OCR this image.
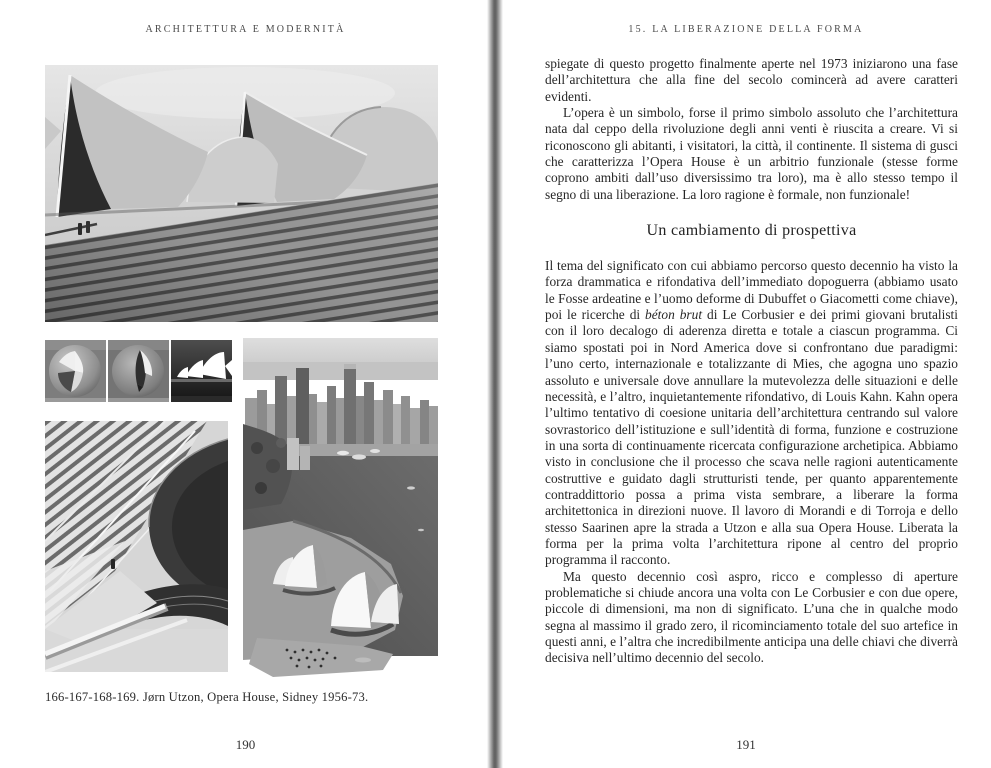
ARCHITETTURA E MODERNITÀ
166-167-168-169. Jørn Utzon, Opera House, Sidney 1956-73.
190
15. LA LIBERAZIONE DELLA FORMA

spiegate di questo progetto finalmente aperte nel 1973 iniziarono una fase dell’architettura che alla fine del secolo comincerà ad avere caratteri evidenti.

L’opera è un simbolo, forse il primo simbolo assoluto che l’architettura nata dal ceppo della rivoluzione degli anni venti è riuscita a creare. Vi si riconoscono gli abitanti, i visitatori, la città, il continente. Il sistema di gusci che caratterizza l’Opera House è un arbitrio funzionale (stesse forme coprono ambiti dall’uso diversissimo tra loro), ma è allo stesso tempo il segno di una liberazione. La loro ragione è formale, non funzionale!

Un cambiamento di prospettiva

Il tema del significato con cui abbiamo percorso questo decennio ha visto la forza drammatica e rifondativa dell’immediato dopoguerra (abbiamo usato le Fosse ardeatine e l’uomo deforme di Dubuffet o Giacometti come chiave), poi le ricerche di béton brut di Le Corbusier e dei primi giovani brutalisti con il loro decalogo di aderenza diretta e totale a ciascun programma. Ci siamo spostati poi in Nord America dove si confrontano due paradigmi: l’uno certo, internazionale e totalizzante di Mies, che agogna uno spazio assoluto e universale dove annullare la mutevolezza delle situazioni e delle necessità, e l’altro, inquietantemente rifondativo, di Louis Kahn. Kahn opera l’ultimo tentativo di coesione unitaria dell’architettura centrando sul valore sovrastorico dell’istituzione e sull’identità di forma, funzione e costruzione in una sorta di continuamente ricercata configurazione archetipica. Abbiamo visto in conclusione che il processo che scava nelle ragioni autenticamente costruttive e guidato dagli strutturisti tende, per quanto apparentemente contraddittorio possa a prima vista sembrare, a liberare la forma architettonica in direzioni nuove. Il lavoro di Morandi e di Torroja e dello stesso Saarinen apre la strada a Utzon e alla sua Opera House. Liberata la forma per la prima volta l’architettura ripone al centro del proprio programma il racconto.

Ma questo decennio così aspro, ricco e complesso di aperture problematiche si chiude ancora una volta con Le Corbusier e con due opere, piccole di dimensioni, ma non di significato. L’una che in qualche modo segna al massimo il grado zero, il ricominciamento totale del suo artefice in questi anni, e l’altra che incredibilmente anticipa una delle chiavi che diverrà decisiva nell’ultimo decennio del secolo.

191
